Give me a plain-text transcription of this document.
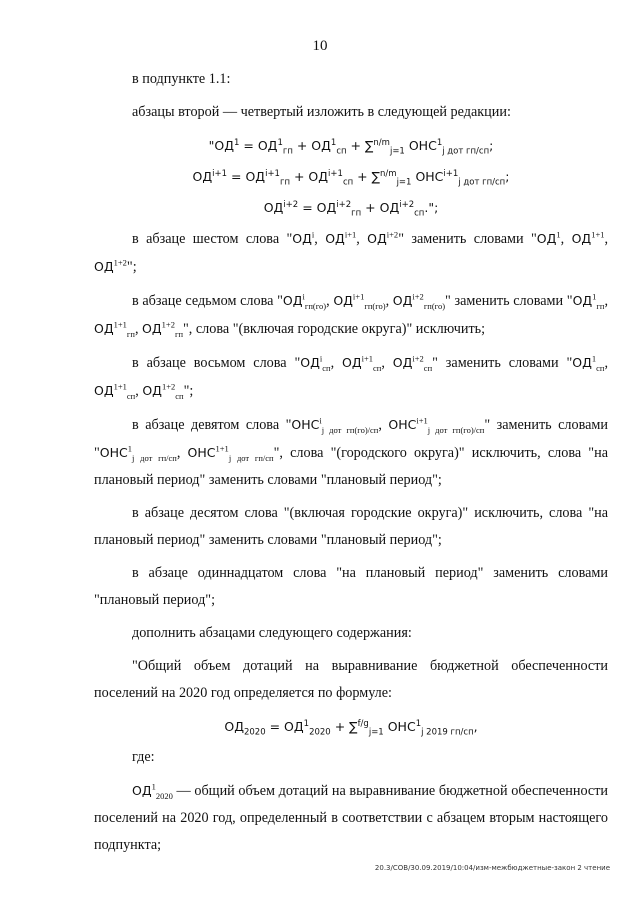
10

в подпункте 1.1:

абзацы второй — четвертый изложить в следующей редакции:

"$ОД^1 = ОД^1_{гп} + ОД^1_{сп} + \sum^{n/m}_{j=1}$ $ОНС^1_{j дот гп/сп}$;

$ОД^{i+1} = ОД^{i+1}_{гп} + ОД^{i+1}_{сп} + \sum^{n/m}_{j=1}$ $ОНС^{i+1}_{j дот гп/сп}$;

$ОД^{i+2} = ОД^{i+2}_{гп} + ОД^{i+2}_{сп}$.";

в абзаце шестом слова "$ОД^i$, $ОД^{i+1}$, $ОД^{i+2}$" заменить словами "$ОД^1$, $ОД^{1+1}$, $ОД^{1+2}$";

в абзаце седьмом слова "$ОД^i_{гп(го)}$, $ОД^{i+1}_{гп(го)}$, $ОД^{i+2}_{гп(го)}$" заменить словами "$ОД^1_{гп}$, $ОД^{1+1}_{гп}$, $ОД^{1+2}_{гп}$", слова "(включая городские округа)" исключить;

в абзаце восьмом слова "$ОД^i_{сп}$, $ОД^{i+1}_{сп}$, $ОД^{i+2}_{сп}$" заменить словами "$ОД^1_{сп}$, $ОД^{1+1}_{сп}$, $ОД^{1+2}_{сп}$";

в абзаце девятом слова "$ОНС^i_{j дот гп(го)/сп}$, $ОНС^{i+1}_{j дот гп(го)/сп}$" заменить словами "$ОНС^1_{j дот гп/сп}$, $ОНС^{1+1}_{j дот гп/сп}$", слова "(городского округа)" исключить, слова "на плановый период" заменить словами "плановый период";

в абзаце десятом слова "(включая городские округа)" исключить, слова "на плановый период" заменить словами "плановый период";

в абзаце одиннадцатом слова "на плановый период" заменить словами "плановый период";

дополнить абзацами следующего содержания:

"Общий объем дотаций на выравнивание бюджетной обеспеченности поселений на 2020 год определяется по формуле:

$ОД_{2020} = ОД^1_{2020} + \sum^{f/g}_{j=1}$ $ОНС^1_{j 2019 гп/сп}$,

где:

$ОД^1_{2020}$ — общий объем дотаций на выравнивание бюджетной обеспеченности поселений на 2020 год, определенный в соответствии с абзацем вторым настоящего подпункта;

20.3/СОВ/30.09.2019/10:04/изм-межбюджетные-закон 2 чтение
